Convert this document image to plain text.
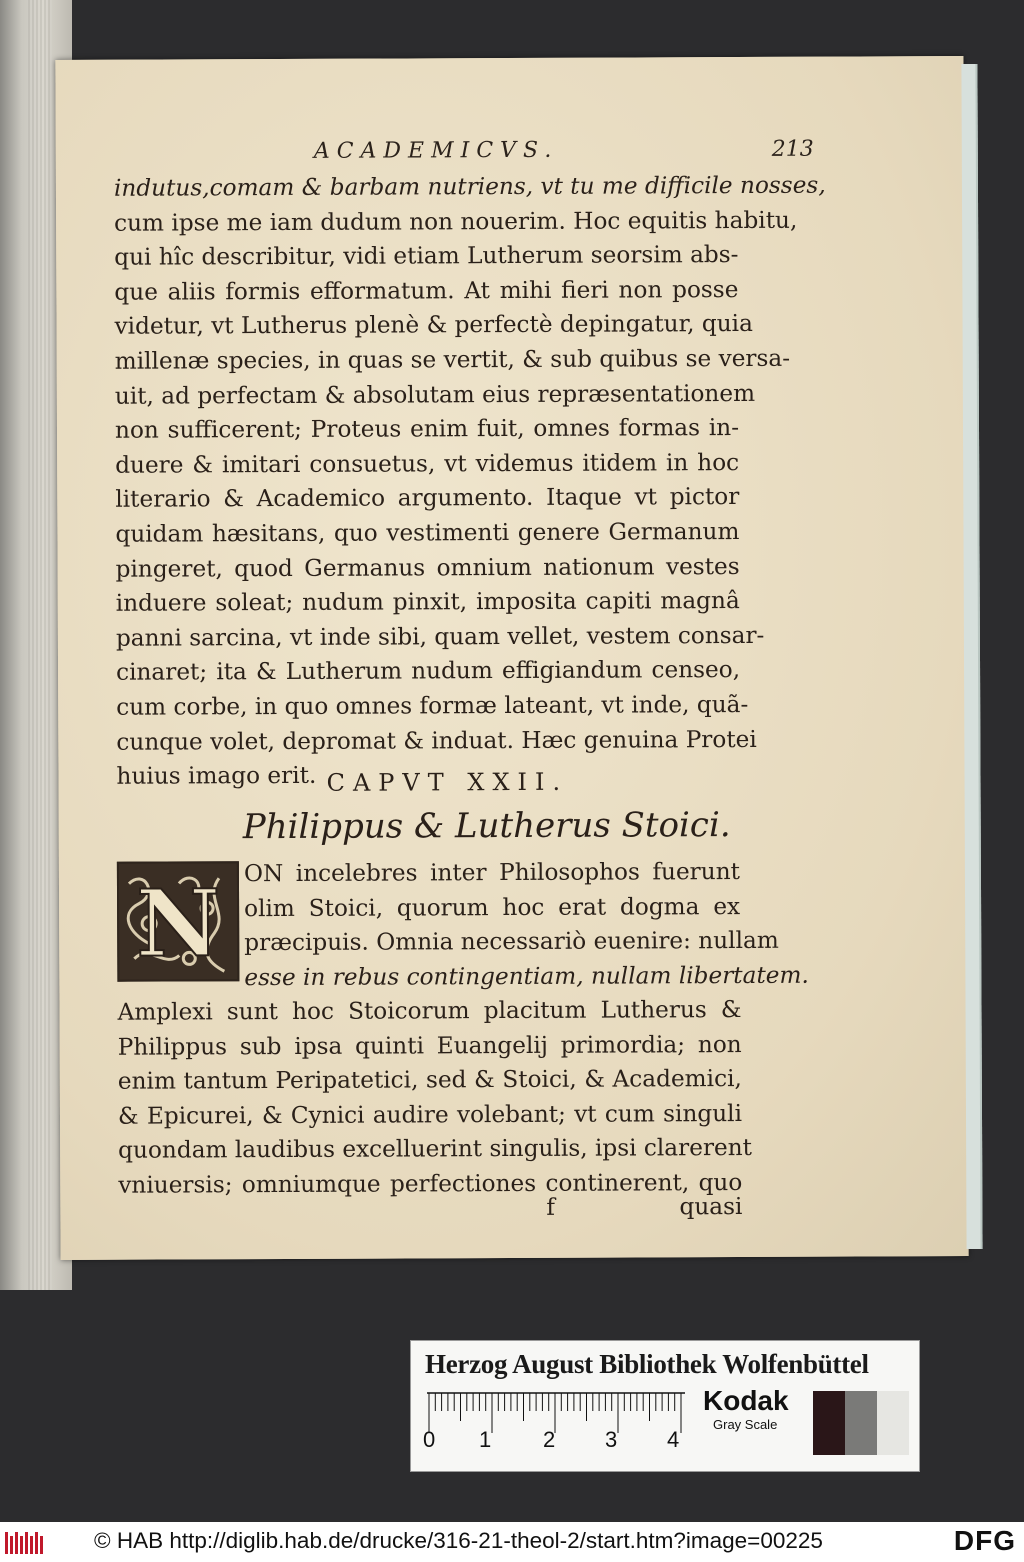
ACADEMICVS.	213
indutus,comam & barbam nutriens, vt tu me difficile nosses,
cum ipse me iam dudum non nouerim. Hoc equitis habitu,
qui hîc describitur, vidi etiam Lutherum seorsim abs-
que aliis formis efformatum. At mihi fieri non posse
videtur, vt Lutherus plenè & perfectè depingatur, quia
millenæ species, in quas se vertit, & sub quibus se versa-
uit, ad perfectam & absolutam eius repræsentationem
non sufficerent; Proteus enim fuit, omnes formas in-
duere & imitari consuetus, vt videmus itidem in hoc
literario & Academico argumento. Itaque vt pictor
quidam hæsitans, quo vestimenti genere Germanum
pingeret, quod Germanus omnium nationum vestes
induere soleat; nudum pinxit, imposita capiti magnâ
panni sarcina, vt inde sibi, quam vellet, vestem consar-
cinaret; ita & Lutherum nudum effigiandum censeo,
cum corbe, in quo omnes formæ lateant, vt inde, quã-
cunque volet, depromat & induat. Hæc genuina Protei
huius imago erit. CAPVT XXII.
Philippus & Lutherus Stoici.
N ON incelebres inter Philosophos fuerunt
olim Stoici, quorum hoc erat dogma ex
præcipuis. Omnia necessariò euenire: nullam
esse in rebus contingentiam, nullam libertatem.
Amplexi sunt hoc Stoicorum placitum Lutherus &
Philippus sub ipsa quinti Euangelij primordia; non
enim tantum Peripatetici, sed & Stoici, & Academici,
& Epicurei, & Cynici audire volebant; vt cum singuli
quondam laudibus excelluerint singulis, ipsi clarerent
vniuersis; omniumque perfectiones continerent, quo
f	quasi
Herzog August Bibliothek Wolfenbüttel
0 1 2 3 4
Kodak
Gray Scale
© HAB http://diglib.hab.de/drucke/316-21-theol-2/start.htm?image=00225	DFG
